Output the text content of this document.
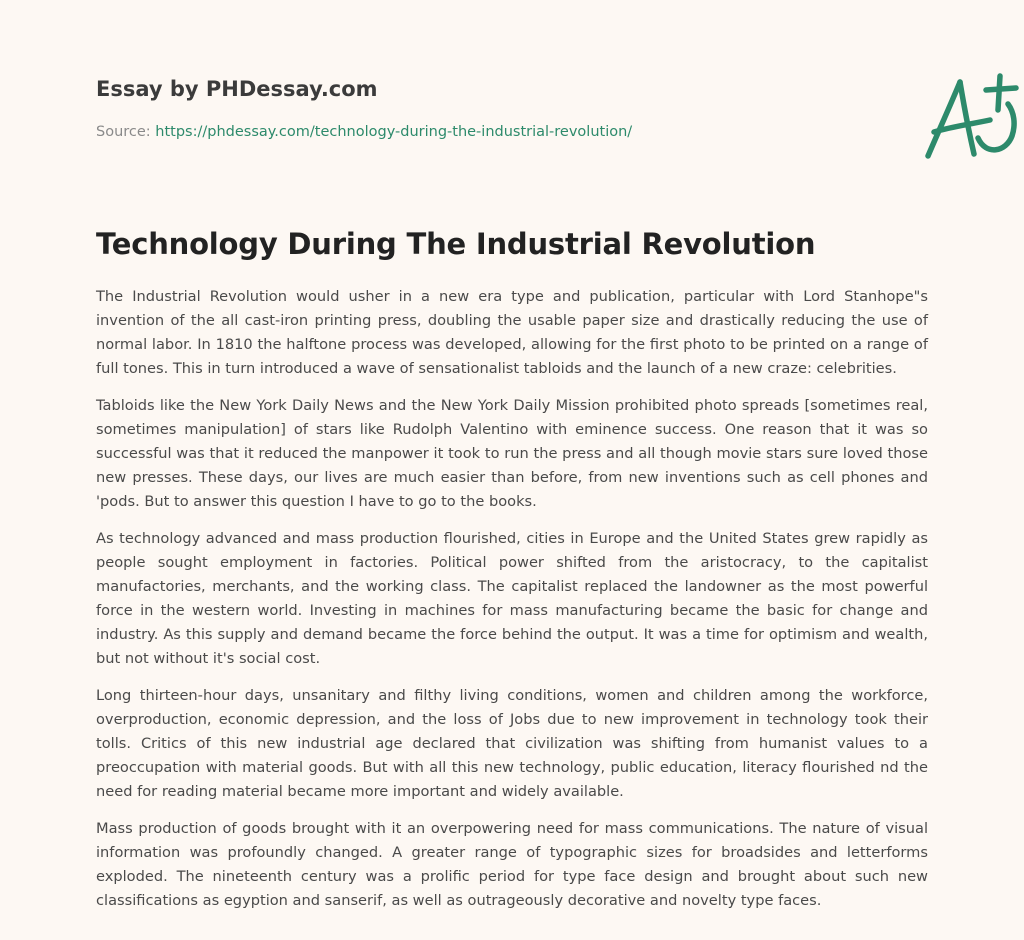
Essay by PHDessay.com
Source: https://phdessay.com/technology-during-the-industrial-revolution/
Technology During The Industrial Revolution

The Industrial Revolution would usher in a new era type and publication, particular with Lord Stanhope"s invention of the all cast-iron printing press, doubling the usable paper size and drastically reducing the use of normal labor. In 1810 the halftone process was developed, allowing for the first photo to be printed on a range of full tones. This in turn introduced a wave of sensationalist tabloids and the launch of a new craze: celebrities.

Tabloids like the New York Daily News and the New York Daily Mission prohibited photo spreads [sometimes real, sometimes manipulation] of stars like Rudolph Valentino with eminence success. One reason that it was so successful was that it reduced the manpower it took to run the press and all though movie stars sure loved those new presses. These days, our lives are much easier than before, from new inventions such as cell phones and 'pods. But to answer this question I have to go to the books.

As technology advanced and mass production flourished, cities in Europe and the United States grew rapidly as people sought employment in factories. Political power shifted from the aristocracy, to the capitalist manufactories, merchants, and the working class. The capitalist replaced the landowner as the most powerful force in the western world. Investing in machines for mass manufacturing became the basic for change and industry. As this supply and demand became the force behind the output. It was a time for optimism and wealth, but not without it's social cost.

Long thirteen-hour days, unsanitary and filthy living conditions, women and children among the workforce, overproduction, economic depression, and the loss of Jobs due to new improvement in technology took their tolls. Critics of this new industrial age declared that civilization was shifting from humanist values to a preoccupation with material goods. But with all this new technology, public education, literacy flourished nd the need for reading material became more important and widely available.

Mass production of goods brought with it an overpowering need for mass communications. The nature of visual information was profoundly changed. A greater range of typographic sizes for broadsides and letterforms exploded. The nineteenth century was a prolific period for type face design and brought about such new classifications as egyption and sanserif, as well as outrageously decorative and novelty type faces.
